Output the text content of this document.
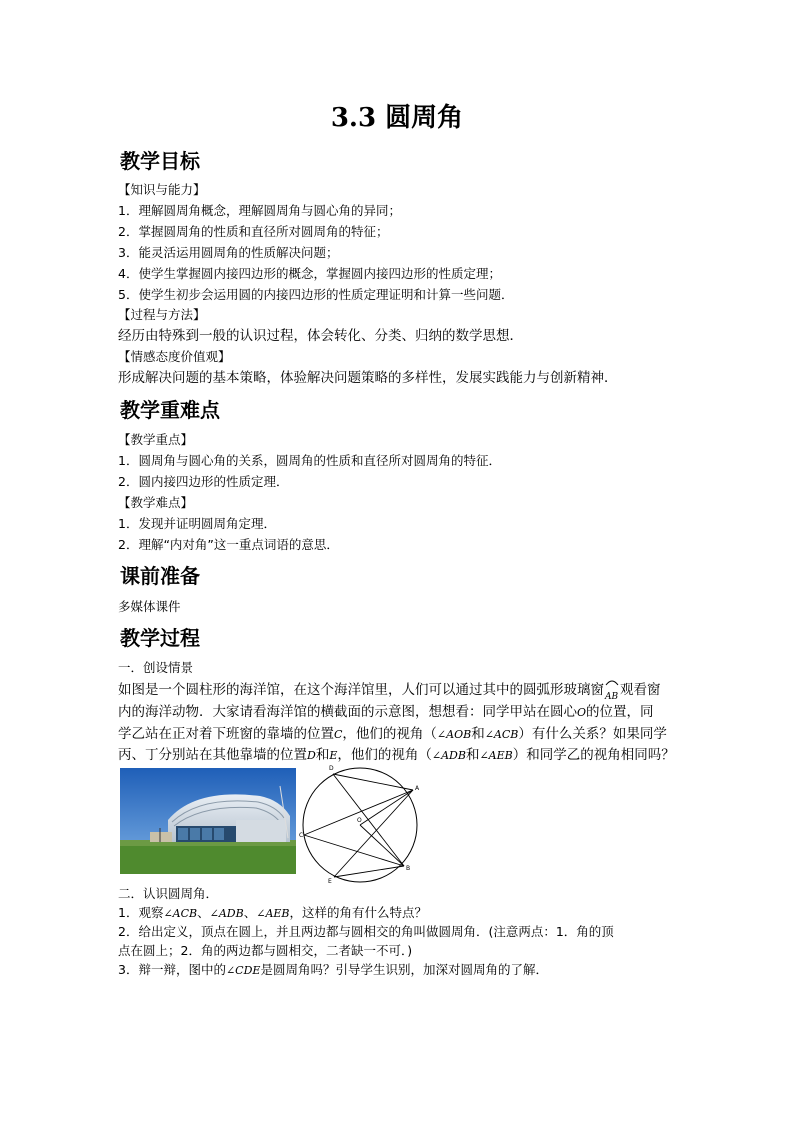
3.3 圆周角
教学目标
【知识与能力】
1．理解圆周角概念，理解圆周角与圆心角的异同；
2．掌握圆周角的性质和直径所对圆周角的特征；
3．能灵活运用圆周角的性质解决问题；
4．使学生掌握圆内接四边形的概念，掌握圆内接四边形的性质定理；
5．使学生初步会运用圆的内接四边形的性质定理证明和计算一些问题．
【过程与方法】
经历由特殊到一般的认识过程，体会转化、分类、归纳的数学思想．
【情感态度价值观】
形成解决问题的基本策略，体验解决问题策略的多样性，发展实践能力与创新精神．
教学重难点
【教学重点】
1．圆周角与圆心角的关系，圆周角的性质和直径所对圆周角的特征．
2．圆内接四边形的性质定理．
【教学难点】
1．发现并证明圆周角定理．
2．理解“内对角”这一重点词语的意思．
课前准备
多媒体课件
教学过程
一．创设情景
如图是一个圆柱形的海洋馆，在这个海洋馆里，人们可以通过其中的圆弧形玻璃窗 AB 观看窗
内的海洋动物．大家请看海洋馆的横截面的示意图，想想看：同学甲站在圆心O的位置，同
学乙站在正对着下班窗的靠墙的位置C，他们的视角（∠AOB和∠ACB）有什么关系？如果同学
丙、丁分别站在其他靠墙的位置D和E，他们的视角（∠ADB和∠AEB）和同学乙的视角相同吗？
D
A
C
O
B
E
二．认识圆周角．
1．观察∠ACB、∠ADB、∠AEB，这样的角有什么特点？
2．给出定义，顶点在圆上，并且两边都与圆相交的角叫做圆周角．(注意两点：1．角的顶
点在圆上；2．角的两边都与圆相交，二者缺一不可．)
3．辩一辩，图中的∠CDE是圆周角吗？引导学生识别，加深对圆周角的了解．
